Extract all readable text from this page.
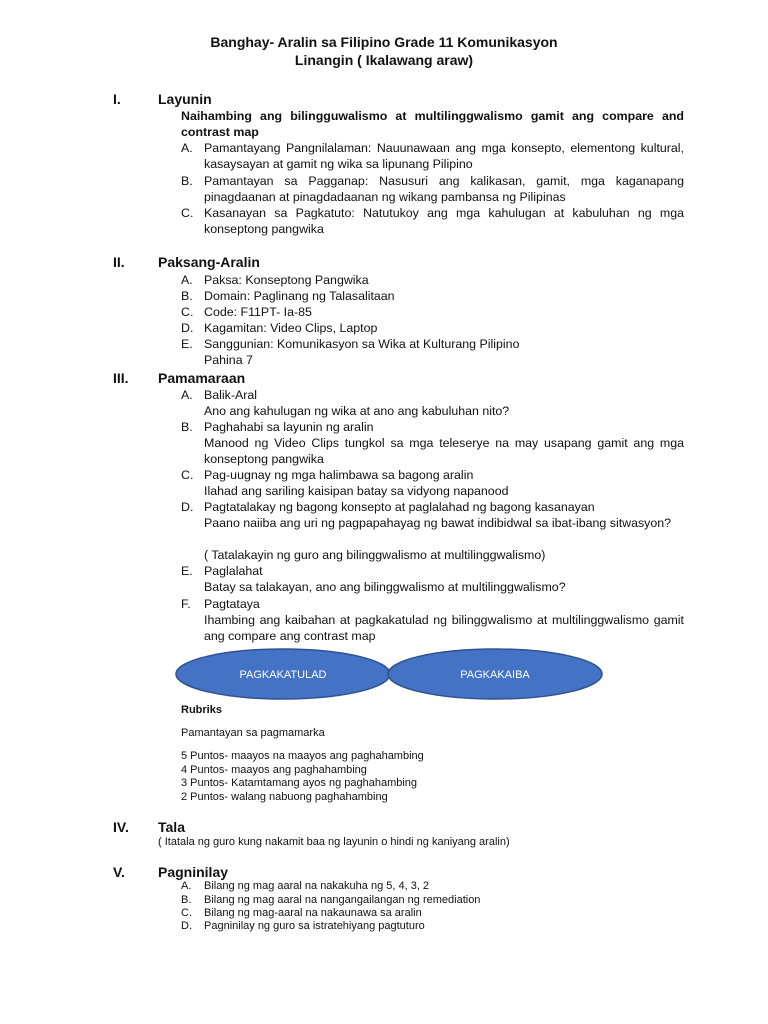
Banghay- Aralin sa Filipino Grade 11 Komunikasyon
Linangin ( Ikalawang araw)
I.	Layunin
Naihambing ang bilingguwalismo at multilinggwalismo gamit ang compare and contrast map
A. Pamantayang Pangnilalaman: Nauunawaan ang mga konsepto, elementong kultural, kasaysayan at gamit ng wika sa lipunang Pilipino
B. Pamantayan sa Pagganap: Nasusuri ang kalikasan, gamit, mga kaganapang pinagdaanan at pinagdadaanan ng wikang pambansa ng Pilipinas
C. Kasanayan sa Pagkatuto: Natutukoy ang mga kahulugan at kabuluhan ng mga konseptong pangwika
II. Paksang-Aralin
A. Paksa: Konseptong Pangwika
B. Domain: Paglinang ng Talasalitaan
C. Code: F11PT- Ia-85
D. Kagamitan: Video Clips, Laptop
E. Sanggunian: Komunikasyon sa Wika at Kulturang Pilipino
Pahina 7
III. Pamamaraan
A. Balik-Aral
Ano ang kahulugan ng wika at ano ang kabuluhan nito?
B. Paghahabi sa layunin ng aralin
Manood ng Video Clips tungkol sa mga teleserye na may usapang gamit ang mga konseptong pangwika
C. Pag-uugnay ng mga halimbawa sa bagong aralin
Ilahad ang sariling kaisipan batay sa vidyong napanood
D. Pagtatalakay ng bagong konsepto at paglalahad ng bagong kasanayan
Paano naiiba ang uri ng pagpapahayag ng bawat indibidwal sa ibat-ibang sitwasyon?
( Tatalakayin ng guro ang bilinggwalismo at multilinggwalismo)
E. Paglalahat
Batay sa talakayan, ano ang bilinggwalismo at multilinggwalismo?
F. Pagtataya
Ihambing ang kaibahan at pagkakatulad ng bilinggwalismo at multilinggwalismo gamit ang compare ang contrast map
PAGKAKATULAD	PAGKAKAIBA
Rubriks
Pamantayan sa pagmamarka
5 Puntos- maayos na maayos ang paghahambing
4 Puntos- maayos ang paghahambing
3 Puntos- Katamtamang ayos ng paghahambing
2 Puntos- walang nabuong paghahambing
IV. Tala
( Itatala ng guro kung nakamit baa ng layunin o hindi ng kaniyang aralin)
V. Pagninilay
A. Bilang ng mag aaral na nakakuha ng 5, 4, 3, 2
B. Bilang ng mag aaral na nangangailangan ng remediation
C. Bilang ng mag-aaral na nakaunawa sa aralin
D. Pagninilay ng guro sa istratehiyang pagtuturo
